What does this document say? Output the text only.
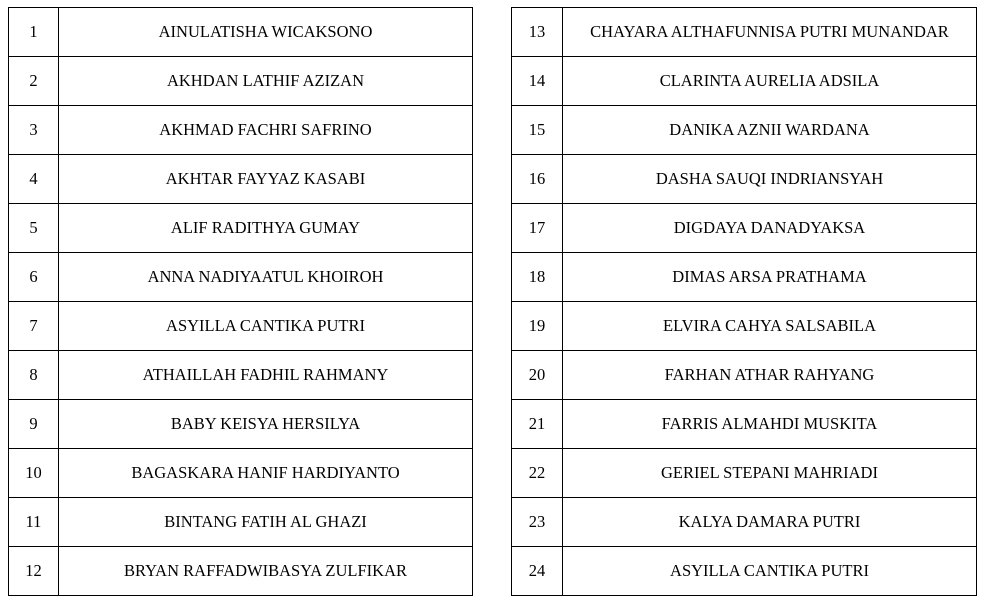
1	AINULATISHA WICAKSONO
2	AKHDAN LATHIF AZIZAN
3	AKHMAD FACHRI SAFRINO
4	AKHTAR FAYYAZ KASABI
5	ALIF RADITHYA GUMAY
6	ANNA NADIYAATUL KHOIROH
7	ASYILLA CANTIKA PUTRI
8	ATHAILLAH FADHIL RAHMANY
9	BABY KEISYA HERSILYA
10	BAGASKARA HANIF HARDIYANTO
11	BINTANG FATIH AL GHAZI
12	BRYAN RAFFADWIBASYA ZULFIKAR
13	CHAYARA ALTHAFUNNISA PUTRI MUNANDAR
14	CLARINTA AURELIA ADSILA
15	DANIKA AZNII WARDANA
16	DASHA SAUQI INDRIANSYAH
17	DIGDAYA DANADYAKSA
18	DIMAS ARSA PRATHAMA
19	ELVIRA CAHYA SALSABILA
20	FARHAN ATHAR RAHYANG
21	FARRIS ALMAHDI MUSKITA
22	GERIEL STEPANI MAHRIADI
23	KALYA DAMARA PUTRI
24	ASYILLA CANTIKA PUTRI
